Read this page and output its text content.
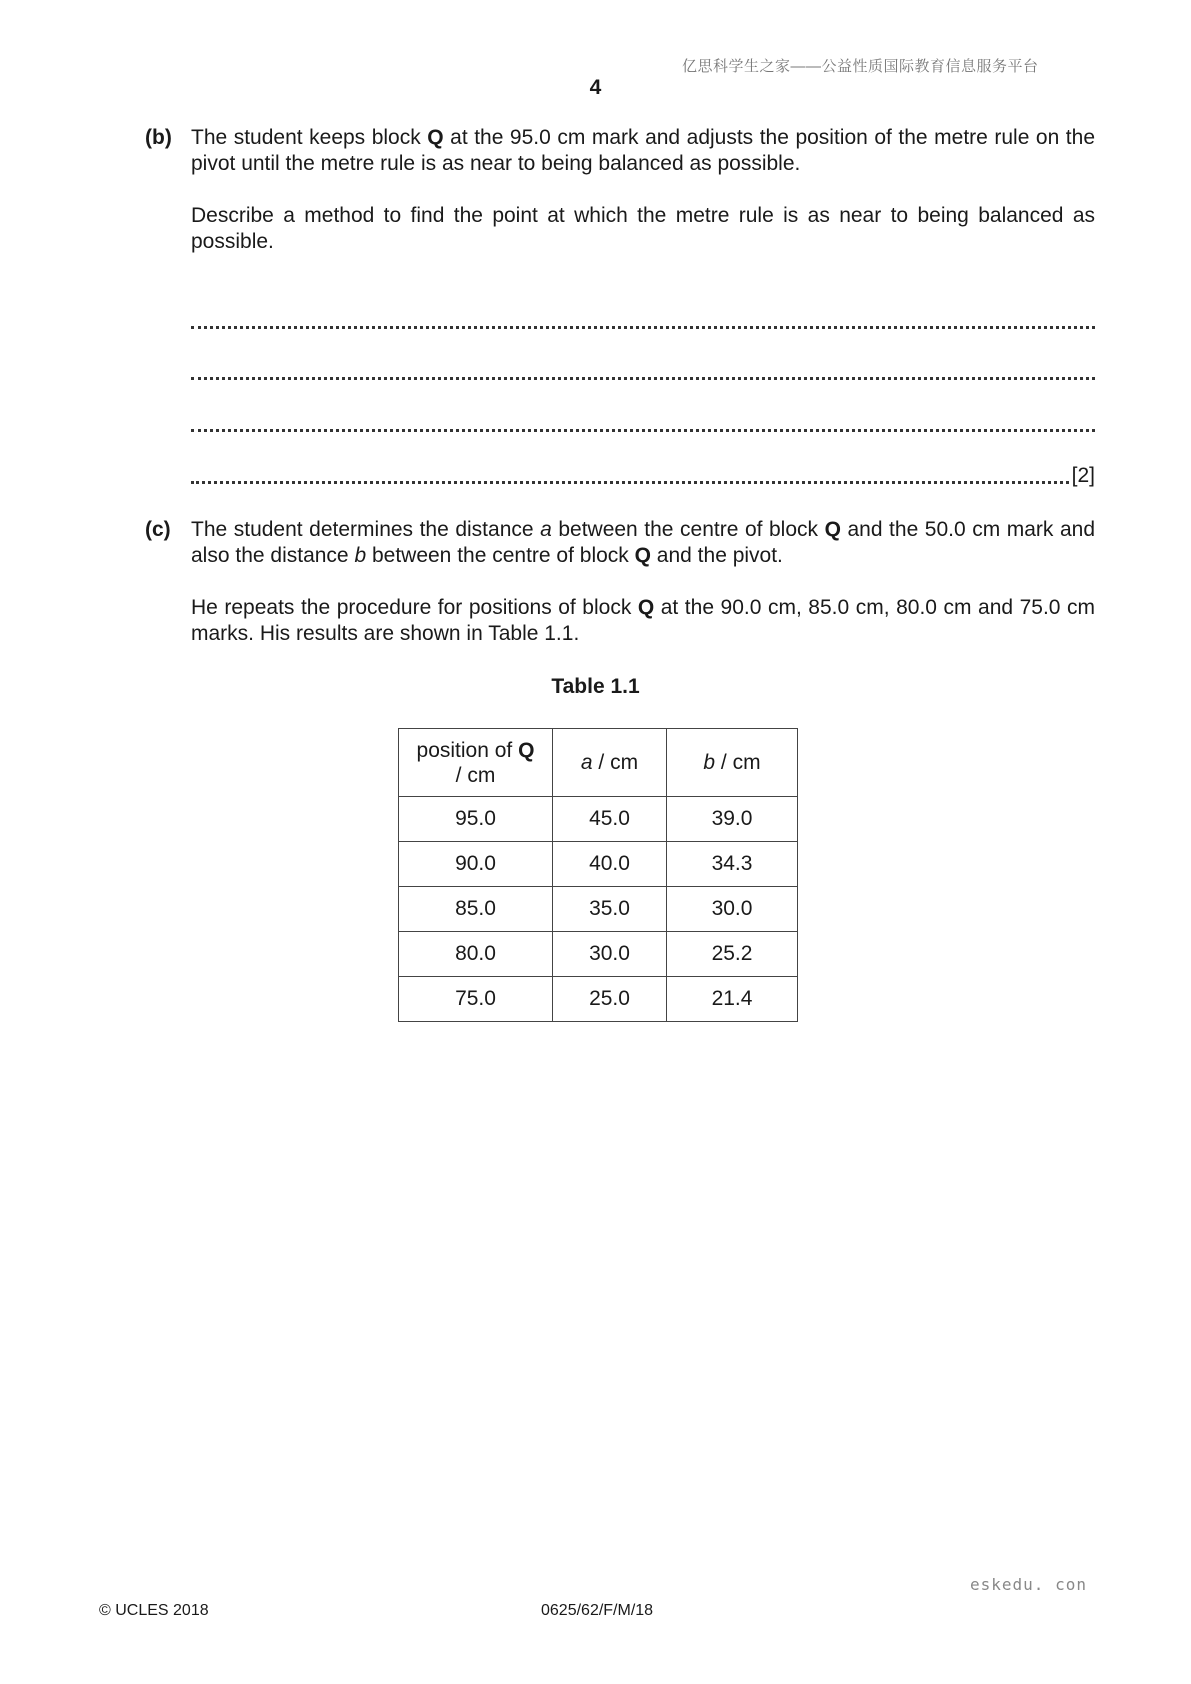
亿思科学生之家——公益性质国际教育信息服务平台
4
(b) The student keeps block Q at the 95.0 cm mark and adjusts the position of the metre rule on the pivot until the metre rule is as near to being balanced as possible.

Describe a method to find the point at which the metre rule is as near to being balanced as possible.

[2]
(c) The student determines the distance a between the centre of block Q and the 50.0 cm mark and also the distance b between the centre of block Q and the pivot.

He repeats the procedure for positions of block Q at the 90.0 cm, 85.0 cm, 80.0 cm and 75.0 cm marks. His results are shown in Table 1.1.

Table 1.1
position of Q
/ cm	a / cm	b / cm
95.0	45.0	39.0
90.0	40.0	34.3
85.0	35.0	30.0
80.0	30.0	25.2
75.0	25.0	21.4
eskedu. con
© UCLES 2018	0625/62/F/M/18
